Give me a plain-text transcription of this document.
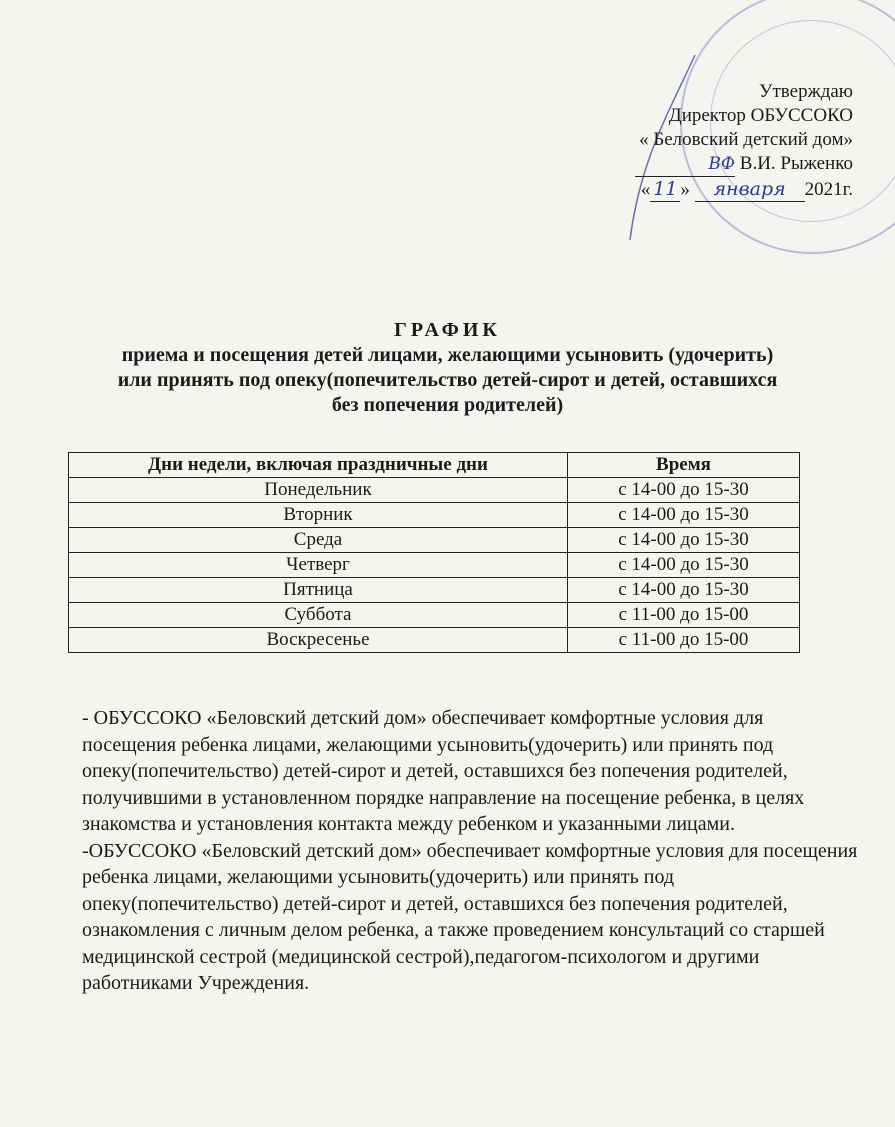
Утверждаю
Директор ОБУССОКО
« Беловский детский дом»
ВФ В.И. Рыженко
« 11 » января 2021г.
ГРАФИК
приема и посещения детей лицами, желающими усыновить (удочерить)
или принять под опеку(попечительство детей-сирот и детей, оставшихся
без попечения родителей)
Дни недели, включая праздничные дни	Время
Понедельник	с 14-00 до 15-30
Вторник	с 14-00 до 15-30
Среда	с 14-00 до 15-30
Четверг	с 14-00 до 15-30
Пятница	с 14-00 до 15-30
Суббота	с 11-00 до 15-00
Воскресенье	с 11-00 до 15-00

- ОБУССОКО «Беловский детский дом» обеспечивает комфортные условия для посещения ребенка лицами, желающими усыновить(удочерить) или принять под опеку(попечительство) детей-сирот и детей, оставшихся без попечения родителей, получившими в установленном порядке направление на посещение ребенка, в целях знакомства и установления контакта между ребенком и указанными лицами.

-ОБУССОКО «Беловский детский дом» обеспечивает комфортные условия для посещения ребенка лицами, желающими усыновить(удочерить) или принять под опеку(попечительство) детей-сирот и детей, оставшихся без попечения родителей, ознакомления с личным делом ребенка, а также проведением консультаций со старшей медицинской сестрой (медицинской сестрой),педагогом-психологом и другими работниками Учреждения.
